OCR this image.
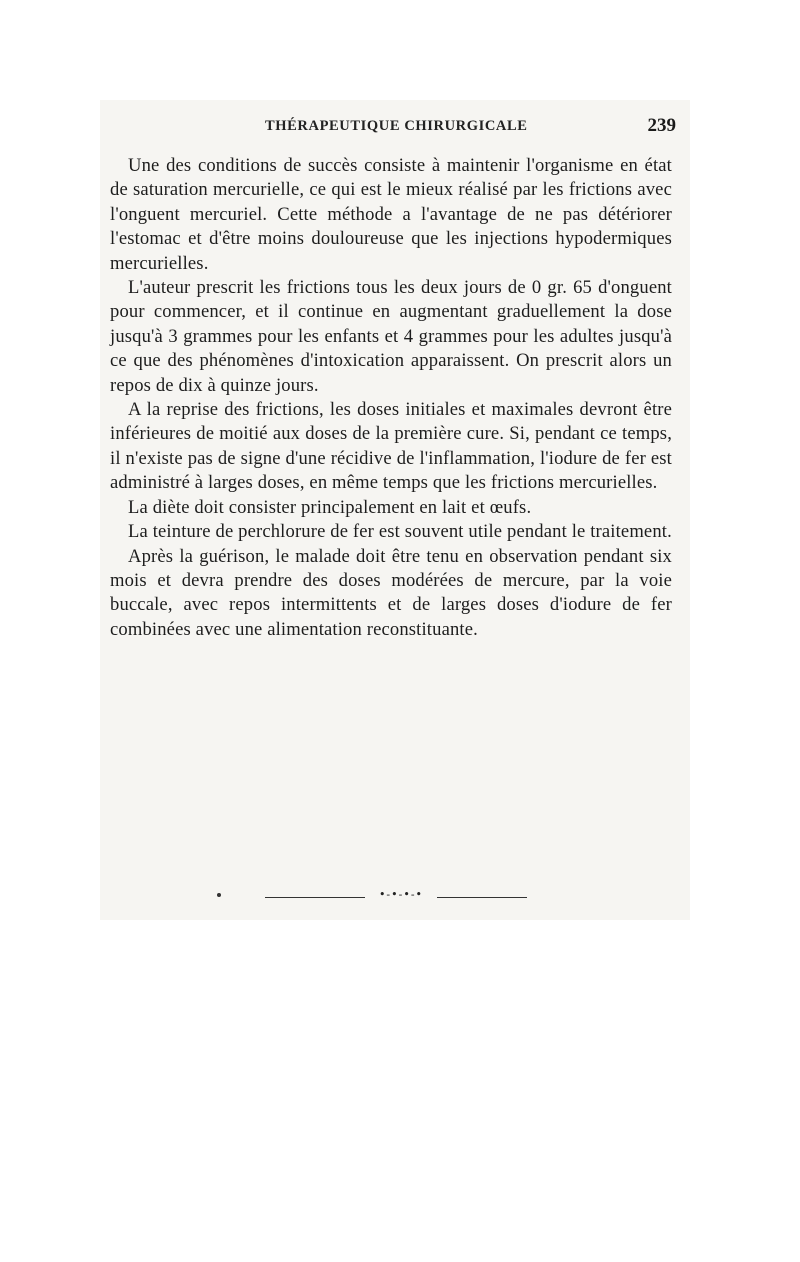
THÉRAPEUTIQUE CHIRURGICALE	239

Une des conditions de succès consiste à maintenir l'organisme en état de saturation mercurielle, ce qui est le mieux réalisé par les frictions avec l'onguent mercuriel. Cette méthode a l'avantage de ne pas détériorer l'estomac et d'être moins douloureuse que les injections hypodermiques mercurielles.

L'auteur prescrit les frictions tous les deux jours de 0 gr. 65 d'onguent pour commencer, et il continue en augmentant graduellement la dose jusqu'à 3 grammes pour les enfants et 4 grammes pour les adultes jusqu'à ce que des phénomènes d'intoxication apparaissent. On prescrit alors un repos de dix à quinze jours.

A la reprise des frictions, les doses initiales et maximales devront être inférieures de moitié aux doses de la première cure. Si, pendant ce temps, il n'existe pas de signe d'une récidive de l'inflammation, l'iodure de fer est administré à larges doses, en même temps que les frictions mercurielles.

La diète doit consister principalement en lait et œufs.

La teinture de perchlorure de fer est souvent utile pendant le traitement.

Après la guérison, le malade doit être tenu en observation pendant six mois et devra prendre des doses modérées de mercure, par la voie buccale, avec repos intermittents et de larges doses d'iodure de fer combinées avec une alimentation reconstituante.

•-•-•-•
